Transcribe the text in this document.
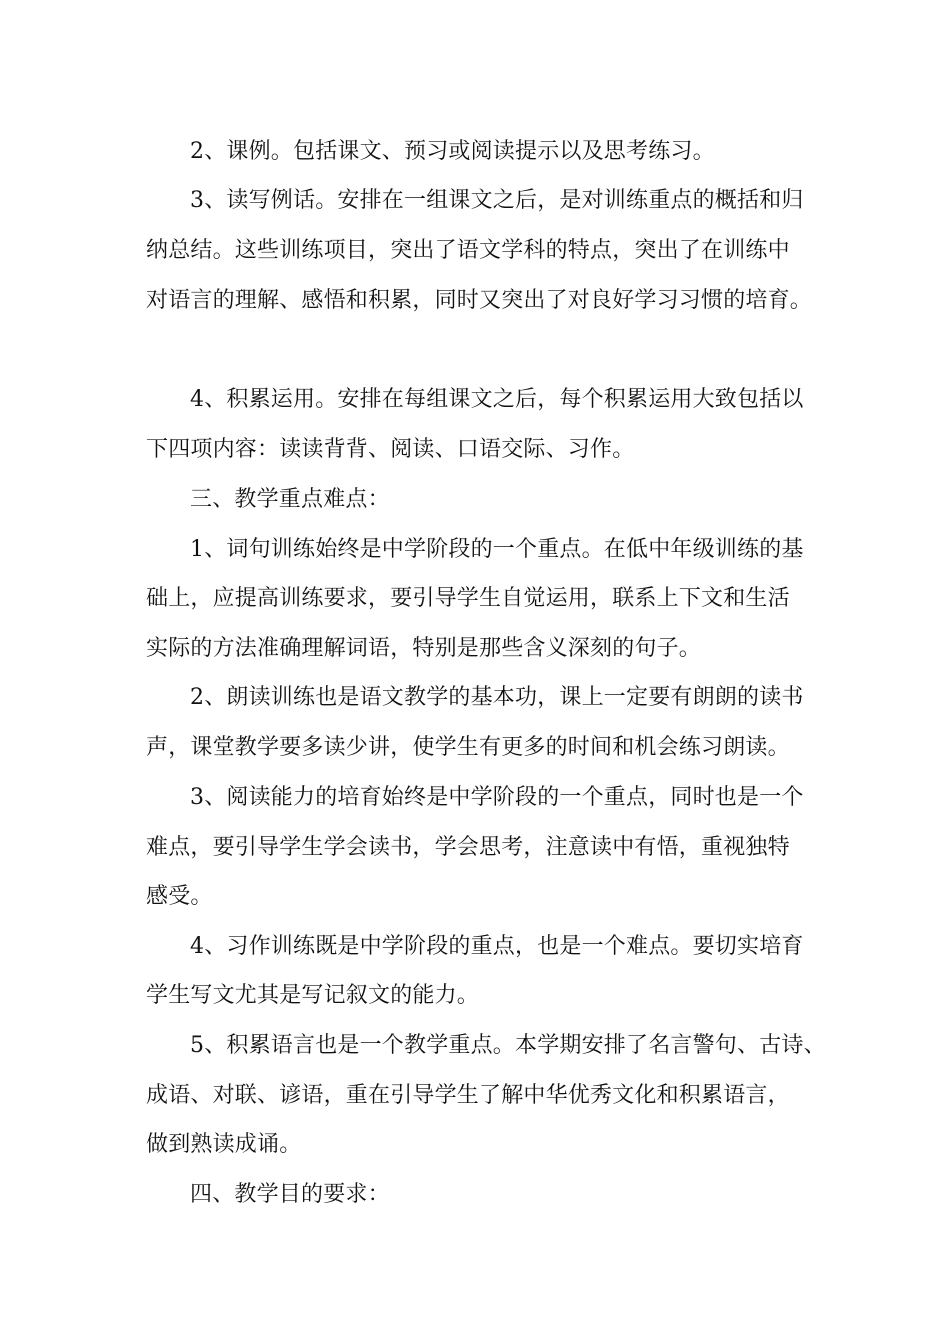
2、课例。包括课文、预习或阅读提示以及思考练习。
3、读写例话。安排在一组课文之后，是对训练重点的概括和归
纳总结。这些训练项目，突出了语文学科的特点，突出了在训练中
对语言的理解、感悟和积累，同时又突出了对良好学习习惯的培育。
4、积累运用。安排在每组课文之后，每个积累运用大致包括以
下四项内容：读读背背、阅读、口语交际、习作。
三、教学重点难点：
1、词句训练始终是中学阶段的一个重点。在低中年级训练的基
础上，应提高训练要求，要引导学生自觉运用，联系上下文和生活
实际的方法准确理解词语，特别是那些含义深刻的句子。
2、朗读训练也是语文教学的基本功，课上一定要有朗朗的读书
声，课堂教学要多读少讲，使学生有更多的时间和机会练习朗读。
3、阅读能力的培育始终是中学阶段的一个重点，同时也是一个
难点，要引导学生学会读书，学会思考，注意读中有悟，重视独特
感受。
4、习作训练既是中学阶段的重点，也是一个难点。要切实培育
学生写文尤其是写记叙文的能力。
5、积累语言也是一个教学重点。本学期安排了名言警句、古诗、
成语、对联、谚语，重在引导学生了解中华优秀文化和积累语言，
做到熟读成诵。
四、教学目的要求：
